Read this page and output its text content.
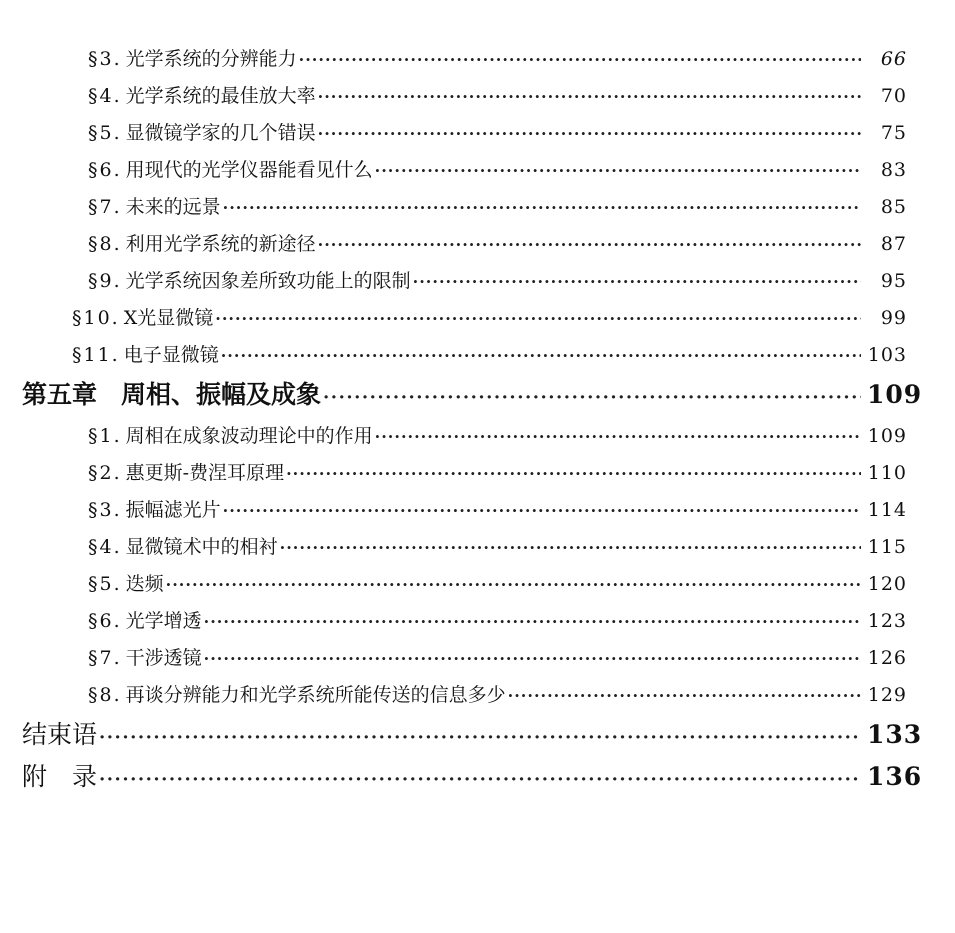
§3. 光学系统的分辨能力 ·····	66
§4. 光学系统的最佳放大率 ·····	70
§5. 显微镜学家的几个错误 ·····	75
§6. 用现代的光学仪器能看见什么 ·····	83
§7. 未来的远景 ·····	85
§8. 利用光学系统的新途径 ·····	87
§9. 光学系统因象差所致功能上的限制 ·····	95
§10. X光显微镜 ·····	99
§11. 电子显微镜 ·····	103
第五章 周相、振幅及成象 ·····	109
§1. 周相在成象波动理论中的作用 ·····	109
§2. 惠更斯-费涅耳原理 ·····	110
§3. 振幅滤光片 ·····	114
§4. 显微镜术中的相衬 ·····	115
§5. 迭频 ·····	120
§6. 光学增透 ·····	123
§7. 干涉透镜 ·····	126
§8. 再谈分辨能力和光学系统所能传送的信息多少 ·····	129
结束语 ·····	133
附　录 ·····	136
